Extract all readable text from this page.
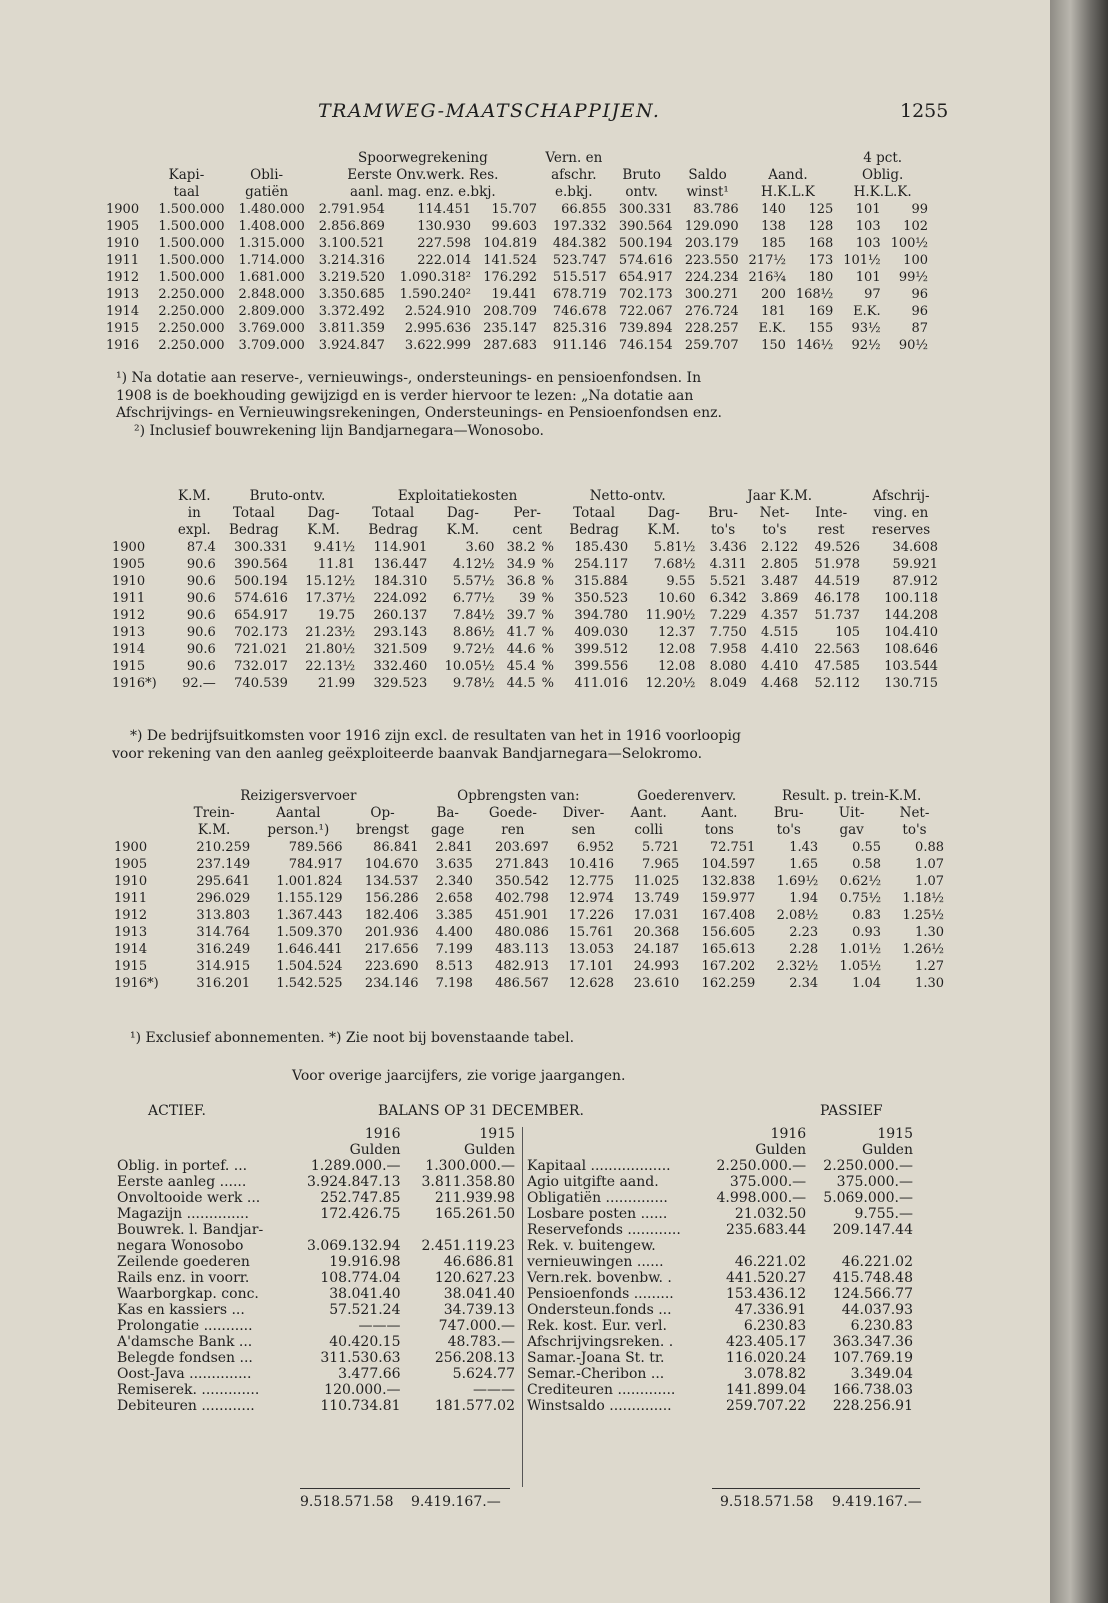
TRAMWEG-MAATSCHAPPIJEN.	1255
			Spoorwegrekening			Vern. en					4 pct.	
	Kapi-	Obli-	Eerste Onv.werk. Res.			afschr.	Bruto	Saldo	Aand.		Oblig.	
	taal	gatiën	aanl. mag. enz. e.bkj.			e.bkj.	ontv.	winst¹	H.K.L.K		H.K.L.K.	
1900	1.500.000	1.480.000	2.791.954	114.451	15.707	66.855	300.331	83.786	140	125	101	99
1905	1.500.000	1.408.000	2.856.869	130.930	99.603	197.332	390.564	129.090	138	128	103	102
1910	1.500.000	1.315.000	3.100.521	227.598	104.819	484.382	500.194	203.179	185	168	103	100½
1911	1.500.000	1.714.000	3.214.316	222.014	141.524	523.747	574.616	223.550	217½	173	101½	100
1912	1.500.000	1.681.000	3.219.520	1.090.318²	176.292	515.517	654.917	224.234	216¾	180	101	99½
1913	2.250.000	2.848.000	3.350.685	1.590.240²	19.441	678.719	702.173	300.271	200	168½	97	96
1914	2.250.000	2.809.000	3.372.492	2.524.910	208.709	746.678	722.067	276.724	181	169	E.K.	96
1915	2.250.000	3.769.000	3.811.359	2.995.636	235.147	825.316	739.894	228.257	E.K.	155	93½	87
1916	2.250.000	3.709.000	3.924.847	3.622.999	287.683	911.146	746.154	259.707	150	146½	92½	90½
¹) Na dotatie aan reserve-, vernieuwings-, ondersteunings- en pensioenfondsen. In
1908 is de boekhouding gewijzigd en is verder hiervoor te lezen: „Na dotatie aan
Afschrijvings- en Vernieuwingsrekeningen, Ondersteunings- en Pensioenfondsen enz.
²) Inclusief bouwrekening lijn Bandjarnegara—Wonosobo.
	K.M.	Bruto-ontv.		Exploitatiekosten				Netto-ontv.		Jaar K.M.			Afschrij-
	in	Totaal	Dag-	Totaal	Dag-	Per-		Totaal	Dag-	Bru-	Net-	Inte-	ving. en
	expl.	Bedrag	K.M.	Bedrag	K.M.	cent		Bedrag	K.M.	to's	to's	rest	reserves
1900	87.4	300.331	9.41½	114.901	3.60	38.2	%	185.430	5.81½	3.436	2.122	49.526	34.608
1905	90.6	390.564	11.81	136.447	4.12½	34.9	%	254.117	7.68½	4.311	2.805	51.978	59.921
1910	90.6	500.194	15.12½	184.310	5.57½	36.8	%	315.884	9.55	5.521	3.487	44.519	87.912
1911	90.6	574.616	17.37½	224.092	6.77½	39	%	350.523	10.60	6.342	3.869	46.178	100.118
1912	90.6	654.917	19.75	260.137	7.84½	39.7	%	394.780	11.90½	7.229	4.357	51.737	144.208
1913	90.6	702.173	21.23½	293.143	8.86½	41.7	%	409.030	12.37	7.750	4.515	105	104.410
1914	90.6	721.021	21.80½	321.509	9.72½	44.6	%	399.512	12.08	7.958	4.410	22.563	108.646
1915	90.6	732.017	22.13½	332.460	10.05½	45.4	%	399.556	12.08	8.080	4.410	47.585	103.544
1916*)	92.—	740.539	21.99	329.523	9.78½	44.5	%	411.016	12.20½	8.049	4.468	52.112	130.715
*) De bedrijfsuitkomsten voor 1916 zijn excl. de resultaten van het in 1916 voorloopig
voor rekening van den aanleg geëxploiteerde baanvak Bandjarnegara—Selokromo.
	Reizigersvervoer			Opbrengsten van:			Goederenverv.		Result. p. trein-K.M.		
	Trein-	Aantal	Op-	Ba-	Goede-	Diver-	Aant.	Aant.	Bru-	Uit-	Net-
	K.M.	person.¹)	brengst	gage	ren	sen	colli	tons	to's	gav	to's
1900	210.259	789.566	86.841	2.841	203.697	6.952	5.721	72.751	1.43	0.55	0.88
1905	237.149	784.917	104.670	3.635	271.843	10.416	7.965	104.597	1.65	0.58	1.07
1910	295.641	1.001.824	134.537	2.340	350.542	12.775	11.025	132.838	1.69½	0.62½	1.07
1911	296.029	1.155.129	156.286	2.658	402.798	12.974	13.749	159.977	1.94	0.75½	1.18½
1912	313.803	1.367.443	182.406	3.385	451.901	17.226	17.031	167.408	2.08½	0.83	1.25½
1913	314.764	1.509.370	201.936	4.400	480.086	15.761	20.368	156.605	2.23	0.93	1.30
1914	316.249	1.646.441	217.656	7.199	483.113	13.053	24.187	165.613	2.28	1.01½	1.26½
1915	314.915	1.504.524	223.690	8.513	482.913	17.101	24.993	167.202	2.32½	1.05½	1.27
1916*)	316.201	1.542.525	234.146	7.198	486.567	12.628	23.610	162.259	2.34	1.04	1.30
¹) Exclusief abonnementen. *) Zie noot bij bovenstaande tabel.
Voor overige jaarcijfers, zie vorige jaargangen.
ACTIEF.	BALANS OP 31 DECEMBER.	PASSIEF
	1916	1915
	Gulden	Gulden
Oblig. in portef. ...	1.289.000.—	1.300.000.—
Eerste aanleg ......	3.924.847.13	3.811.358.80
Onvoltooide werk ...	252.747.85	211.939.98
Magazijn ..............	172.426.75	165.261.50
Bouwrek. l. Bandjar-		
negara Wonosobo	3.069.132.94	2.451.119.23
Zeilende goederen	19.916.98	46.686.81
Rails enz. in voorr.	108.774.04	120.627.23
Waarborgkap. conc.	38.041.40	38.041.40
Kas en kassiers ...	57.521.24	34.739.13
Prolongatie ...........	———	747.000.—
A'damsche Bank ...	40.420.15	48.783.—
Belegde fondsen ...	311.530.63	256.208.13
Oost-Java ..............	3.477.66	5.624.77
Remiserek. .............	120.000.—	———
Debiteuren ............	110.734.81	181.577.02
	1916	1915
	Gulden	Gulden
Kapitaal ..................	2.250.000.—	2.250.000.—
Agio uitgifte aand.	375.000.—	375.000.—
Obligatiën ..............	4.998.000.—	5.069.000.—
Losbare posten ......	21.032.50	9.755.—
Reservefonds ............	235.683.44	209.147.44
Rek. v. buitengew.		
vernieuwingen ......	46.221.02	46.221.02
Vern.rek. bovenbw. .	441.520.27	415.748.48
Pensioenfonds .........	153.436.12	124.566.77
Ondersteun.fonds ...	47.336.91	44.037.93
Rek. kost. Eur. verl.	6.230.83	6.230.83
Afschrijvingsreken. .	423.405.17	363.347.36
Samar.-Joana St. tr.	116.020.24	107.769.19
Semar.-Cheribon ...	3.078.82	3.349.04
Crediteuren .............	141.899.04	166.738.03
Winstsaldo ..............	259.707.22	228.256.91
9.518.571.58 9.419.167.—	9.518.571.58 9.419.167.—
